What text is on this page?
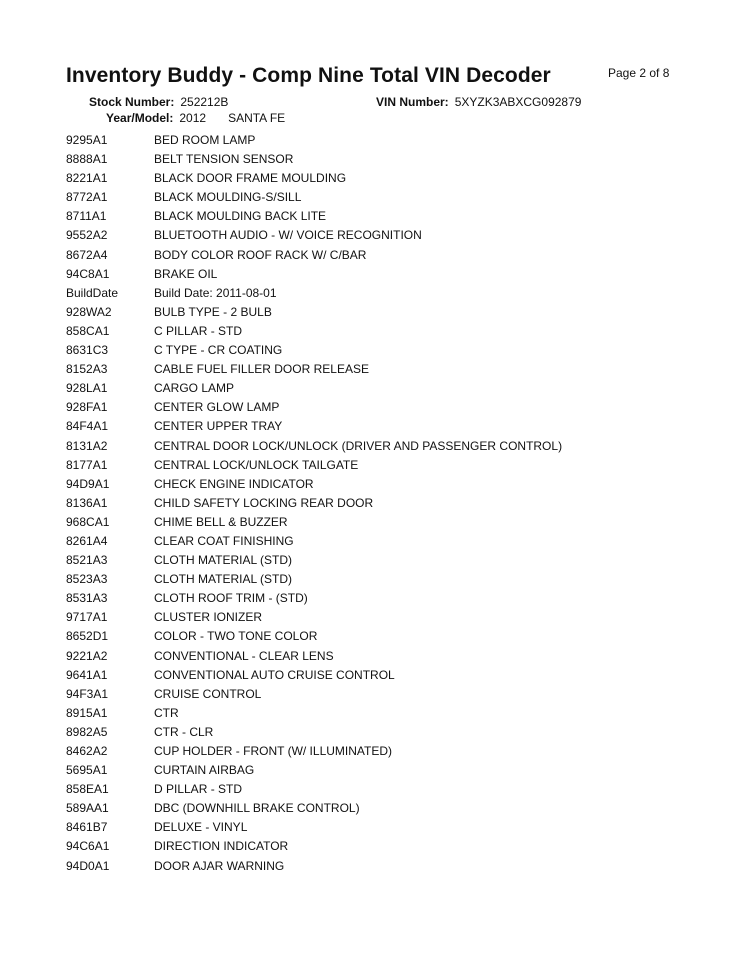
Inventory Buddy - Comp Nine Total VIN Decoder	Page 2 of 8
Stock Number: 252212B	VIN Number: 5XYZK3ABXCG092879
Year/Model: 2012 SANTA FE
9295A1	BED ROOM LAMP
8888A1	BELT TENSION SENSOR
8221A1	BLACK DOOR FRAME MOULDING
8772A1	BLACK MOULDING-S/SILL
8711A1	BLACK MOULDING BACK LITE
9552A2	BLUETOOTH AUDIO - W/ VOICE RECOGNITION
8672A4	BODY COLOR ROOF RACK W/ C/BAR
94C8A1	BRAKE OIL
BuildDate	Build Date: 2011-08-01
928WA2	BULB TYPE - 2 BULB
858CA1	C PILLAR - STD
8631C3	C TYPE - CR COATING
8152A3	CABLE FUEL FILLER DOOR RELEASE
928LA1	CARGO LAMP
928FA1	CENTER GLOW LAMP
84F4A1	CENTER UPPER TRAY
8131A2	CENTRAL DOOR LOCK/UNLOCK (DRIVER AND PASSENGER CONTROL)
8177A1	CENTRAL LOCK/UNLOCK TAILGATE
94D9A1	CHECK ENGINE INDICATOR
8136A1	CHILD SAFETY LOCKING REAR DOOR
968CA1	CHIME BELL & BUZZER
8261A4	CLEAR COAT FINISHING
8521A3	CLOTH MATERIAL (STD)
8523A3	CLOTH MATERIAL (STD)
8531A3	CLOTH ROOF TRIM - (STD)
9717A1	CLUSTER IONIZER
8652D1	COLOR - TWO TONE COLOR
9221A2	CONVENTIONAL - CLEAR LENS
9641A1	CONVENTIONAL AUTO CRUISE CONTROL
94F3A1	CRUISE CONTROL
8915A1	CTR
8982A5	CTR - CLR
8462A2	CUP HOLDER - FRONT (W/ ILLUMINATED)
5695A1	CURTAIN AIRBAG
858EA1	D PILLAR - STD
589AA1	DBC (DOWNHILL BRAKE CONTROL)
8461B7	DELUXE - VINYL
94C6A1	DIRECTION INDICATOR
94D0A1	DOOR AJAR WARNING
